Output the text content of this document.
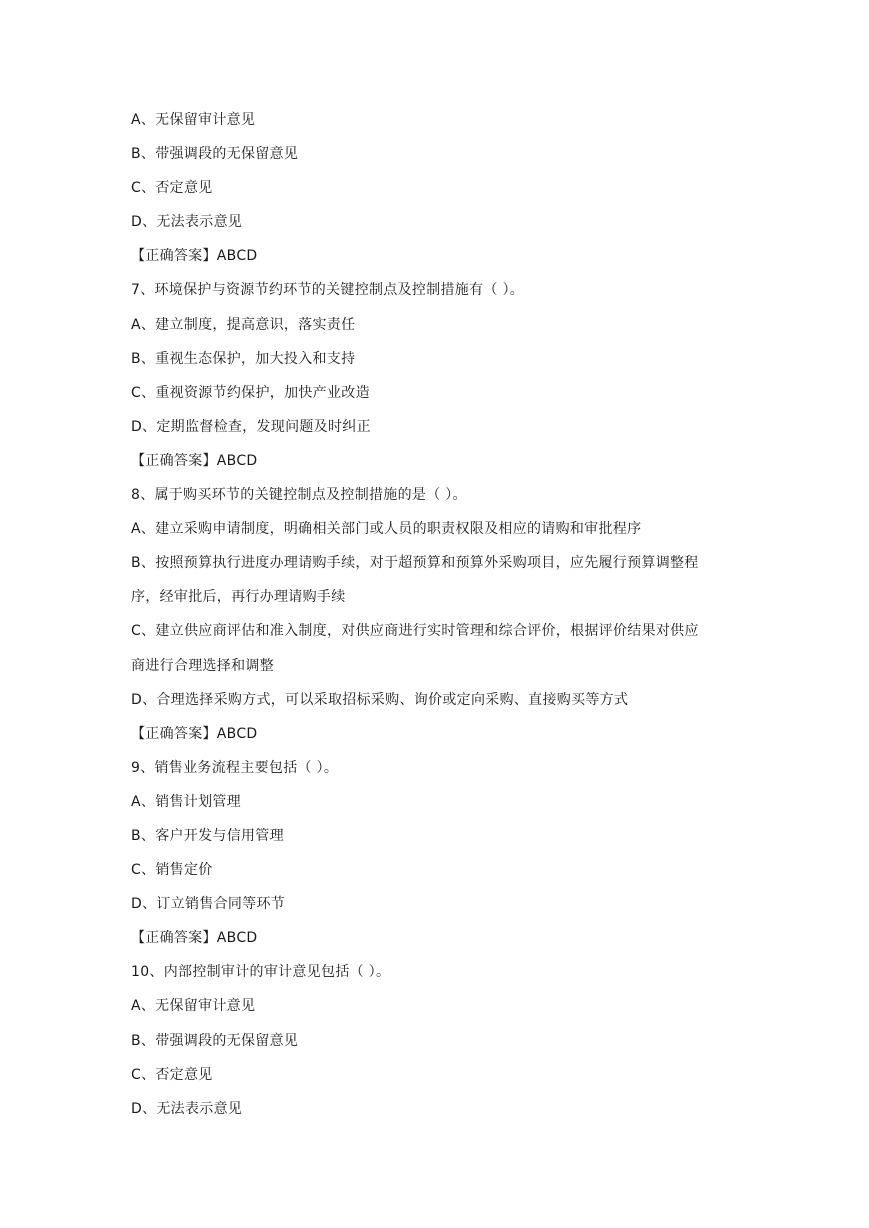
A、无保留审计意见
B、带强调段的无保留意见
C、否定意见
D、无法表示意见
【正确答案】ABCD
7、环境保护与资源节约环节的关键控制点及控制措施有（ ）。
A、建立制度，提高意识，落实责任
B、重视生态保护，加大投入和支持
C、重视资源节约保护，加快产业改造
D、定期监督检查，发现问题及时纠正
【正确答案】ABCD
8、属于购买环节的关键控制点及控制措施的是（ ）。
A、建立采购申请制度，明确相关部门或人员的职责权限及相应的请购和审批程序
B、按照预算执行进度办理请购手续，对于超预算和预算外采购项目，应先履行预算调整程
序，经审批后，再行办理请购手续
C、建立供应商评估和准入制度，对供应商进行实时管理和综合评价，根据评价结果对供应
商进行合理选择和调整
D、合理选择采购方式，可以采取招标采购、询价或定向采购、直接购买等方式
【正确答案】ABCD
9、销售业务流程主要包括（ ）。
A、销售计划管理
B、客户开发与信用管理
C、销售定价
D、订立销售合同等环节
【正确答案】ABCD
10、内部控制审计的审计意见包括（ ）。
A、无保留审计意见
B、带强调段的无保留意见
C、否定意见
D、无法表示意见
